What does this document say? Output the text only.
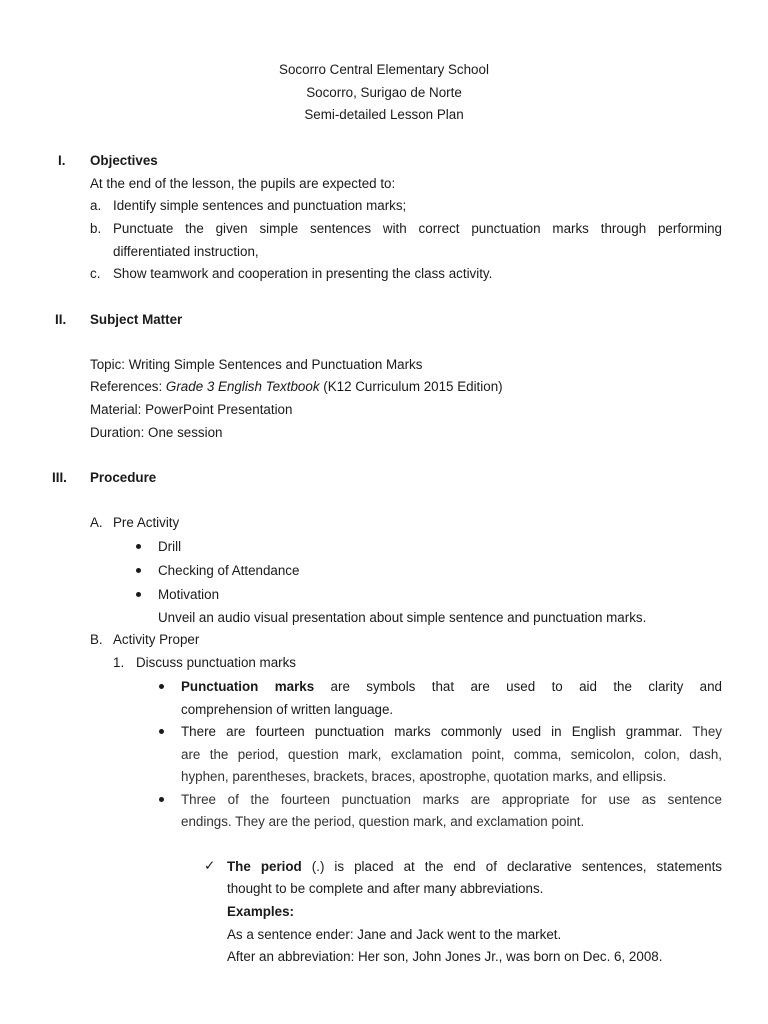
Socorro Central Elementary School
Socorro, Surigao de Norte
Semi-detailed Lesson Plan
I. Objectives
At the end of the lesson, the pupils are expected to:
a. Identify simple sentences and punctuation marks;
b. Punctuate the given simple sentences with correct punctuation marks through performing
differentiated instruction,
c. Show teamwork and cooperation in presenting the class activity.
II. Subject Matter
Topic: Writing Simple Sentences and Punctuation Marks
References: Grade 3 English Textbook (K12 Curriculum 2015 Edition)
Material: PowerPoint Presentation
Duration: One session
III. Procedure
A. Pre Activity
Drill
Checking of Attendance
Motivation
Unveil an audio visual presentation about simple sentence and punctuation marks.
B. Activity Proper
1. Discuss punctuation marks
Punctuation marks are symbols that are used to aid the clarity and
comprehension of written language.
There are fourteen punctuation marks commonly used in English grammar. They
are the period, question mark, exclamation point, comma, semicolon, colon, dash,
hyphen, parentheses, brackets, braces, apostrophe, quotation marks, and ellipsis.
Three of the fourteen punctuation marks are appropriate for use as sentence
endings. They are the period, question mark, and exclamation point.
✓ The period (.) is placed at the end of declarative sentences, statements
thought to be complete and after many abbreviations.
Examples:
As a sentence ender: Jane and Jack went to the market.
After an abbreviation: Her son, John Jones Jr., was born on Dec. 6, 2008.
